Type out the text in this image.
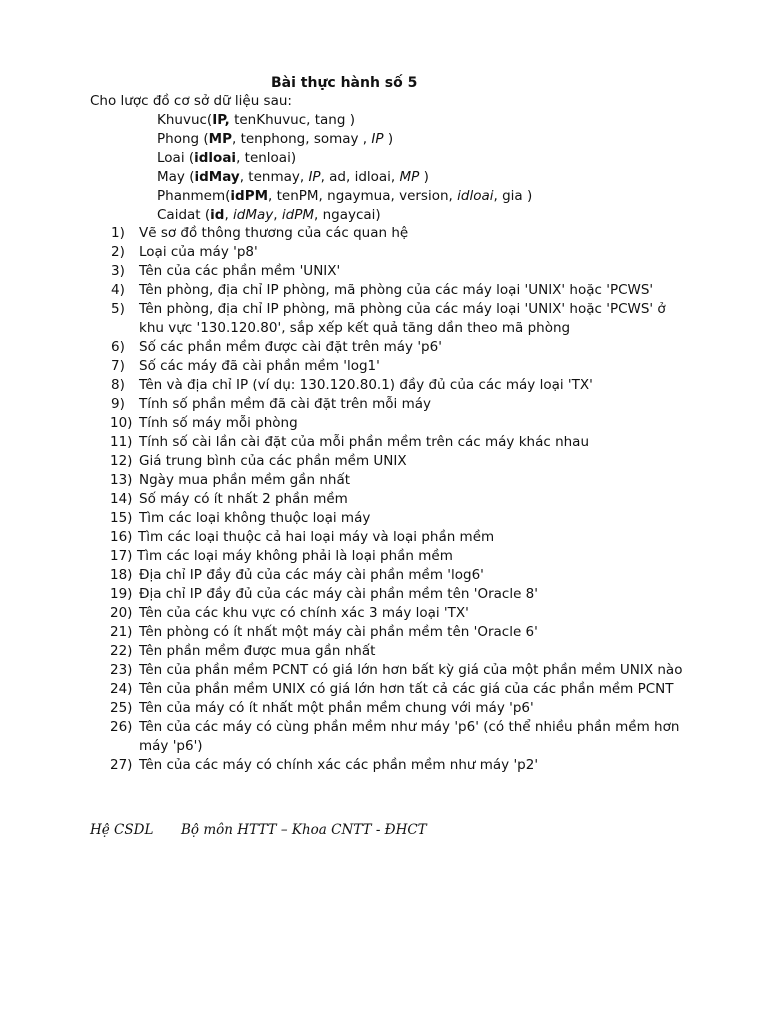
Bài thực hành số 5
Cho lược đồ cơ sở dữ liệu sau:
Khuvuc(IP, tenKhuvuc, tang )
Phong (MP, tenphong, somay , IP )
Loai (idloai, tenloai)
May (idMay, tenmay, IP, ad, idloai, MP )
Phanmem(idPM, tenPM, ngaymua, version, idloai, gia )
Caidat (id, idMay, idPM, ngaycai)
1) Vẽ sơ đồ thông thương của các quan hệ
2) Loại của máy 'p8'
3) Tên của các phần mềm 'UNIX'
4) Tên phòng, địa chỉ IP phòng, mã phòng của các máy loại 'UNIX' hoặc 'PCWS'
5) Tên phòng, địa chỉ IP phòng, mã phòng của các máy loại 'UNIX' hoặc 'PCWS' ở khu vực '130.120.80', sắp xếp kết quả tăng dần theo mã phòng
6) Số các phần mềm được cài đặt trên máy 'p6'
7) Số các máy đã cài phần mềm 'log1'
8) Tên và địa chỉ IP (ví dụ: 130.120.80.1) đầy đủ của các máy loại 'TX'
9) Tính số phần mềm đã cài đặt trên mỗi máy
10) Tính số máy mỗi phòng
11) Tính số cài lần cài đặt của mỗi phần mềm trên các máy khác nhau
12) Giá trung bình của các phần mềm UNIX
13) Ngày mua phần mềm gần nhất
14) Số máy có ít nhất 2 phần mềm
15) Tìm các loại không thuộc loại máy
16) Tìm các loại thuộc cả hai loại máy và loại phần mềm
17) Tìm các loại máy không phải là loại phần mềm
18) Địa chỉ IP đầy đủ của các máy cài phần mềm 'log6'
19) Địa chỉ IP đầy đủ của các máy cài phần mềm tên 'Oracle 8'
20) Tên của các khu vực có chính xác 3 máy loại 'TX'
21) Tên phòng có ít nhất một máy cài phần mềm tên 'Oracle 6'
22) Tên phần mềm được mua gần nhất
23) Tên của phần mềm PCNT có giá lớn hơn bất kỳ giá của một phần mềm UNIX nào
24) Tên của phần mềm UNIX có giá lớn hơn tất cả các giá của các phần mềm PCNT
25) Tên của máy có ít nhất một phần mềm chung với máy 'p6'
26) Tên của các máy có cùng phần mềm như máy 'p6' (có thể nhiều phần mềm hơn máy 'p6')
27) Tên của các máy có chính xác các phần mềm như máy 'p2'
Hệ CSDL Bộ môn HTTT – Khoa CNTT - ĐHCT
